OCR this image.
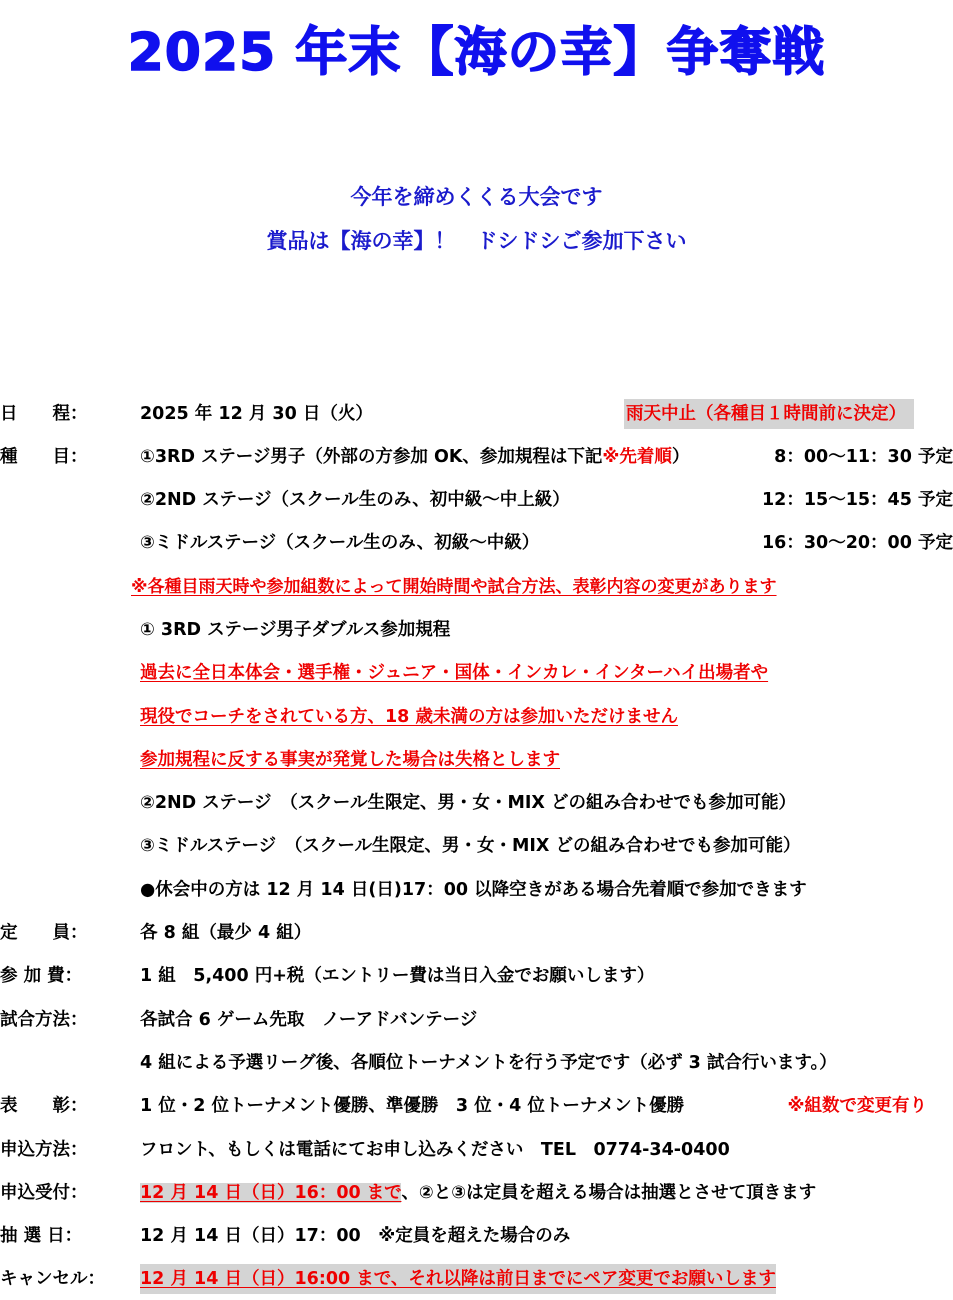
2025 年末【海の幸】争奪戦
今年を締めくくる大会です
賞品は【海の幸】！　ドシドシご参加下さい
日　　程：	2025 年 12 月 30 日（火）	雨天中止（各種目１時間前に決定）
種　　目：	①3RD ステージ男子（外部の方参加 OK、参加規程は下記※先着順）	8：00～11：30 予定
②2ND ステージ（スクール生のみ、初中級～中上級）	12：15～15：45 予定
③ミドルステージ（スクール生のみ、初級～中級）	16：30～20：00 予定
※各種目雨天時や参加組数によって開始時間や試合方法、表彰内容の変更があります
① 3RD ステージ男子ダブルス参加規程
過去に全日本体会・選手権・ジュニア・国体・インカレ・インターハイ出場者や
現役でコーチをされている方、18 歳未満の方は参加いただけません
参加規程に反する事実が発覚した場合は失格とします
②2ND ステージ　（スクール生限定、男・女・MIX どの組み合わせでも参加可能）
③ミドルステージ　（スクール生限定、男・女・MIX どの組み合わせでも参加可能）
●休会中の方は 12 月 14 日(日)17：00 以降空きがある場合先着順で参加できます
定　　員：	各 8 組（最少 4 組）
参 加 費：	1 組　5,400 円+税（エントリー費は当日入金でお願いします）
試合方法：	各試合 6 ゲーム先取　ノーアドバンテージ
4 組による予選リーグ後、各順位トーナメントを行う予定です（必ず 3 試合行います。）
表　　彰：	1 位・2 位トーナメント優勝、準優勝　3 位・4 位トーナメント優勝	※組数で変更有り
申込方法：	フロント、もしくは電話にてお申し込みください　TEL　0774-34-0400
申込受付：	12 月 14 日（日）16：00 まで、②と③は定員を超える場合は抽選とさせて頂きます
抽 選 日：	12 月 14 日（日）17：00　※定員を超えた場合のみ
キャンセル： 12 月 14 日（日）16:00 まで、それ以降は前日までにペア変更でお願いします
